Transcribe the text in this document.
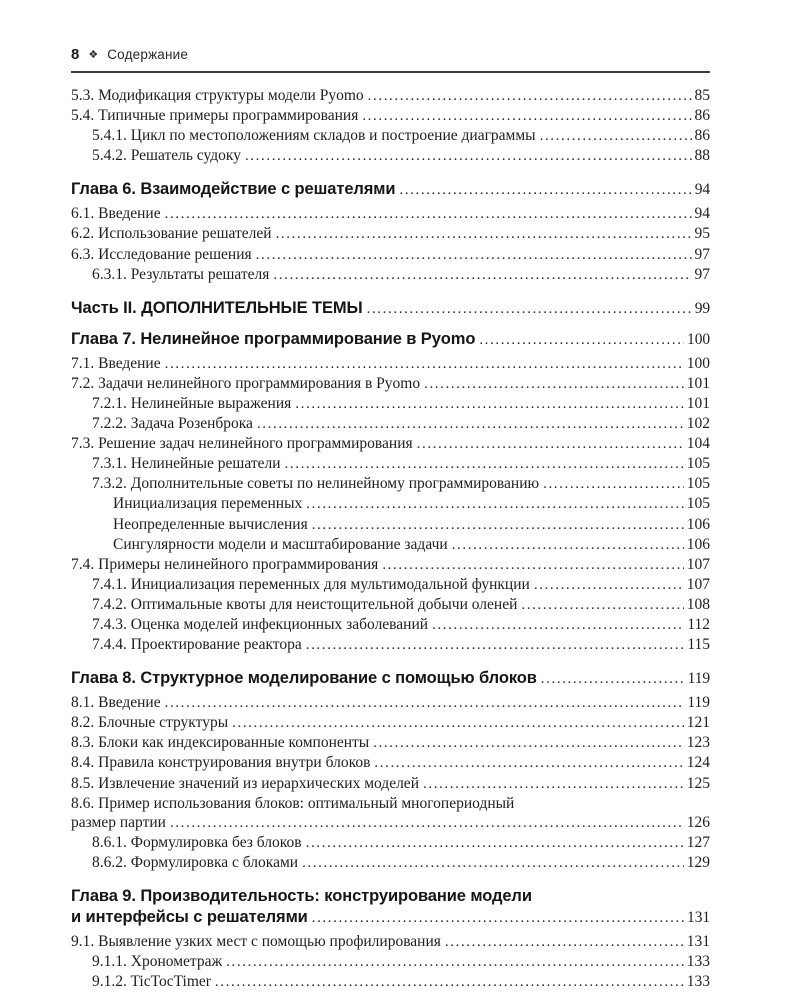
8 ❖ Содержание
5.3. Модификация структуры модели Pyomo .....	85
5.4. Типичные примеры программирования .....	86
5.4.1. Цикл по местоположениям складов и построение диаграммы .....	86
5.4.2. Решатель судоку .....	88
Глава 6. Взаимодействие с решателями .....	94
6.1. Введение .....	94
6.2. Использование решателей .....	95
6.3. Исследование решения .....	97
6.3.1. Результаты решателя .....	97
Часть II. ДОПОЛНИТЕЛЬНЫЕ ТЕМЫ .....	99
Глава 7. Нелинейное программирование в Pyomo .....	100
7.1. Введение .....	100
7.2. Задачи нелинейного программирования в Pyomo .....	101
7.2.1. Нелинейные выражения .....	101
7.2.2. Задача Розенброка .....	102
7.3. Решение задач нелинейного программирования .....	104
7.3.1. Нелинейные решатели .....	105
7.3.2. Дополнительные советы по нелинейному программированию .....	105
Инициализация переменных .....	105
Неопределенные вычисления .....	106
Сингулярности модели и масштабирование задачи .....	106
7.4. Примеры нелинейного программирования .....	107
7.4.1. Инициализация переменных для мультимодальной функции .....	107
7.4.2. Оптимальные квоты для неистощительной добычи оленей .....	108
7.4.3. Оценка моделей инфекционных заболеваний .....	112
7.4.4. Проектирование реактора .....	115
Глава 8. Структурное моделирование с помощью блоков .....	119
8.1. Введение .....	119
8.2. Блочные структуры .....	121
8.3. Блоки как индексированные компоненты .....	123
8.4. Правила конструирования внутри блоков .....	124
8.5. Извлечение значений из иерархических моделей .....	125
8.6. Пример использования блоков: оптимальный многопериодный
размер партии .....	126
8.6.1. Формулировка без блоков .....	127
8.6.2. Формулировка с блоками .....	129
Глава 9. Производительность: конструирование модели
и интерфейсы с решателями .....	131
9.1. Выявление узких мест с помощью профилирования .....	131
9.1.1. Хронометраж .....	133
9.1.2. TicTocTimer .....	133
